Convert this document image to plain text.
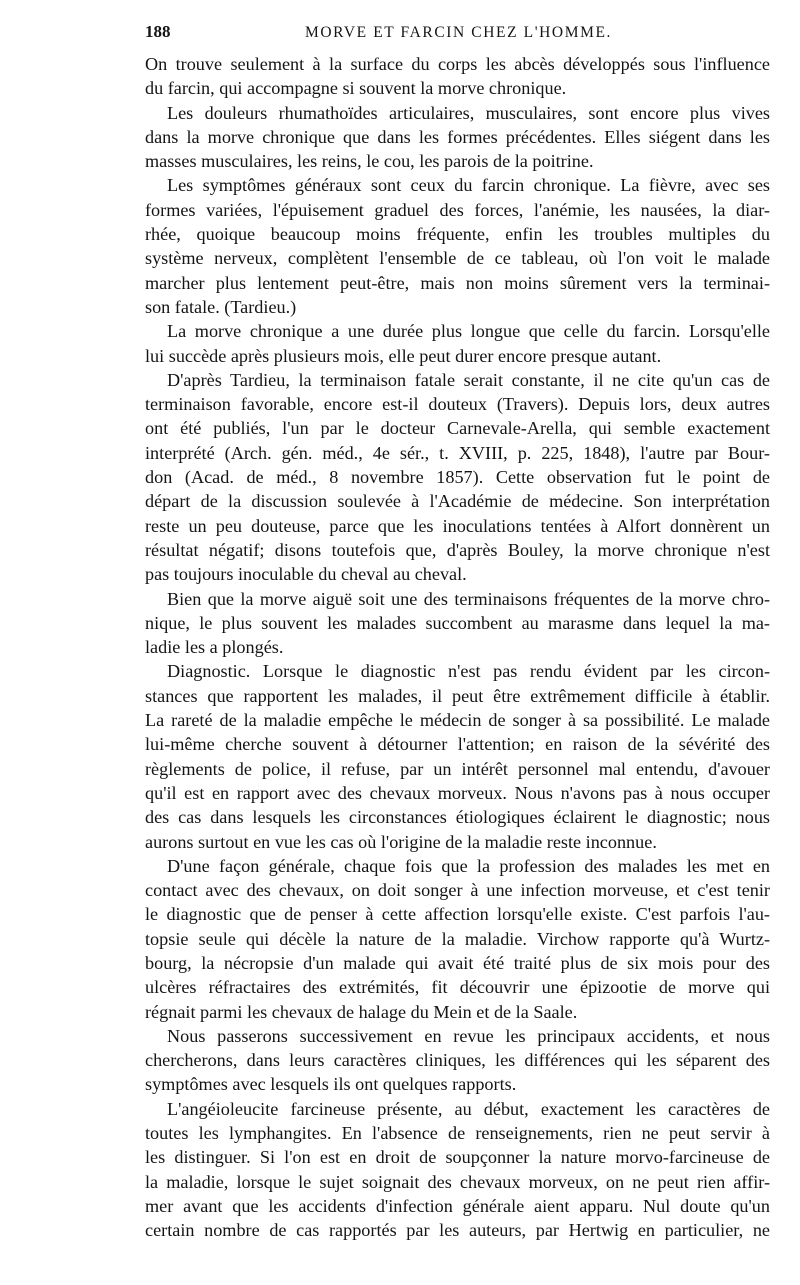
188	MORVE ET FARCIN CHEZ L'HOMME.
On trouve seulement à la surface du corps les abcès développés sous l'influence
du farcin, qui accompagne si souvent la morve chronique.
Les douleurs rhumathoïdes articulaires, musculaires, sont encore plus vives
dans la morve chronique que dans les formes précédentes. Elles siégent dans les
masses musculaires, les reins, le cou, les parois de la poitrine.
Les symptômes généraux sont ceux du farcin chronique. La fièvre, avec ses
formes variées, l'épuisement graduel des forces, l'anémie, les nausées, la diar-
rhée, quoique beaucoup moins fréquente, enfin les troubles multiples du
système nerveux, complètent l'ensemble de ce tableau, où l'on voit le malade
marcher plus lentement peut-être, mais non moins sûrement vers la terminai-
son fatale. (Tardieu.)
La morve chronique a une durée plus longue que celle du farcin. Lorsqu'elle
lui succède après plusieurs mois, elle peut durer encore presque autant.
D'après Tardieu, la terminaison fatale serait constante, il ne cite qu'un cas de
terminaison favorable, encore est-il douteux (Travers). Depuis lors, deux autres
ont été publiés, l'un par le docteur Carnevale-Arella, qui semble exactement
interprété (Arch. gén. méd., 4e sér., t. XVIII, p. 225, 1848), l'autre par Bour-
don (Acad. de méd., 8 novembre 1857). Cette observation fut le point de
départ de la discussion soulevée à l'Académie de médecine. Son interprétation
reste un peu douteuse, parce que les inoculations tentées à Alfort donnèrent un
résultat négatif; disons toutefois que, d'après Bouley, la morve chronique n'est
pas toujours inoculable du cheval au cheval.
Bien que la morve aiguë soit une des terminaisons fréquentes de la morve chro-
nique, le plus souvent les malades succombent au marasme dans lequel la ma-
ladie les a plongés.
Diagnostic. Lorsque le diagnostic n'est pas rendu évident par les circon-
stances que rapportent les malades, il peut être extrêmement difficile à établir.
La rareté de la maladie empêche le médecin de songer à sa possibilité. Le malade
lui-même cherche souvent à détourner l'attention; en raison de la sévérité des
règlements de police, il refuse, par un intérêt personnel mal entendu, d'avouer
qu'il est en rapport avec des chevaux morveux. Nous n'avons pas à nous occuper
des cas dans lesquels les circonstances étiologiques éclairent le diagnostic; nous
aurons surtout en vue les cas où l'origine de la maladie reste inconnue.
D'une façon générale, chaque fois que la profession des malades les met en
contact avec des chevaux, on doit songer à une infection morveuse, et c'est tenir
le diagnostic que de penser à cette affection lorsqu'elle existe. C'est parfois l'au-
topsie seule qui décèle la nature de la maladie. Virchow rapporte qu'à Wurtz-
bourg, la nécropsie d'un malade qui avait été traité plus de six mois pour des
ulcères réfractaires des extrémités, fit découvrir une épizootie de morve qui
régnait parmi les chevaux de halage du Mein et de la Saale.
Nous passerons successivement en revue les principaux accidents, et nous
chercherons, dans leurs caractères cliniques, les différences qui les séparent des
symptômes avec lesquels ils ont quelques rapports.
L'angéioleucite farcineuse présente, au début, exactement les caractères de
toutes les lymphangites. En l'absence de renseignements, rien ne peut servir à
les distinguer. Si l'on est en droit de soupçonner la nature morvo-farcineuse de
la maladie, lorsque le sujet soignait des chevaux morveux, on ne peut rien affir-
mer avant que les accidents d'infection générale aient apparu. Nul doute qu'un
certain nombre de cas rapportés par les auteurs, par Hertwig en particulier, ne
